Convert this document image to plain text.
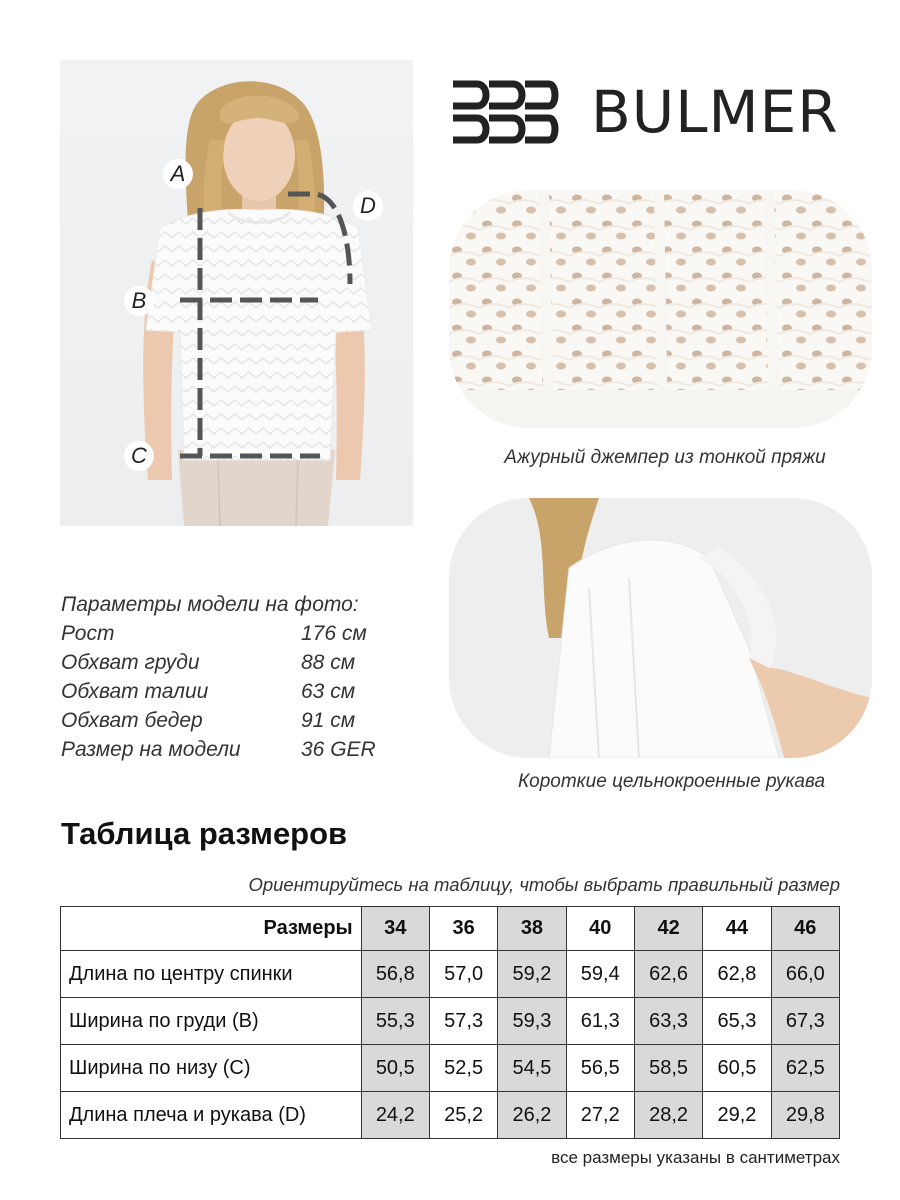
A
B
C
D
BULMER
Ажурный джемпер из тонкой пряжи
Короткие цельнокроенные рукава
Параметры модели на фото:
Рост	176 см
Обхват груди	88 см
Обхват талии	63 см
Обхват бедер	91 см
Размер на модели	36 GER
Таблица размеров
Ориентируйтесь на таблицу, чтобы выбрать правильный размер
Размеры	34	36	38	40	42	44	46
Длина по центру спинки	56,8	57,0	59,2	59,4	62,6	62,8	66,0
Ширина по груди (В)	55,3	57,3	59,3	61,3	63,3	65,3	67,3
Ширина по низу (С)	50,5	52,5	54,5	56,5	58,5	60,5	62,5
Длина плеча и рукава (D)	24,2	25,2	26,2	27,2	28,2	29,2	29,8
все размеры указаны в сантиметрах
